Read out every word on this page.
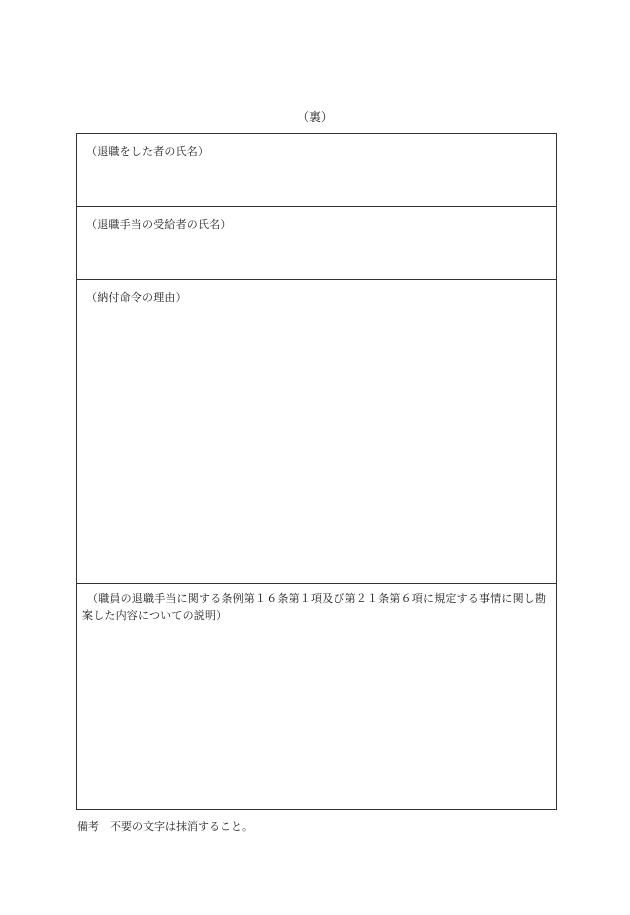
（裏）
（退職をした者の氏名）
（退職手当の受給者の氏名）
（納付命令の理由）
（職員の退職手当に関する条例第１６条第１項及び第２１条第６項に規定する事情に関し勘案した内容についての説明）
備考　不要の文字は抹消すること。
